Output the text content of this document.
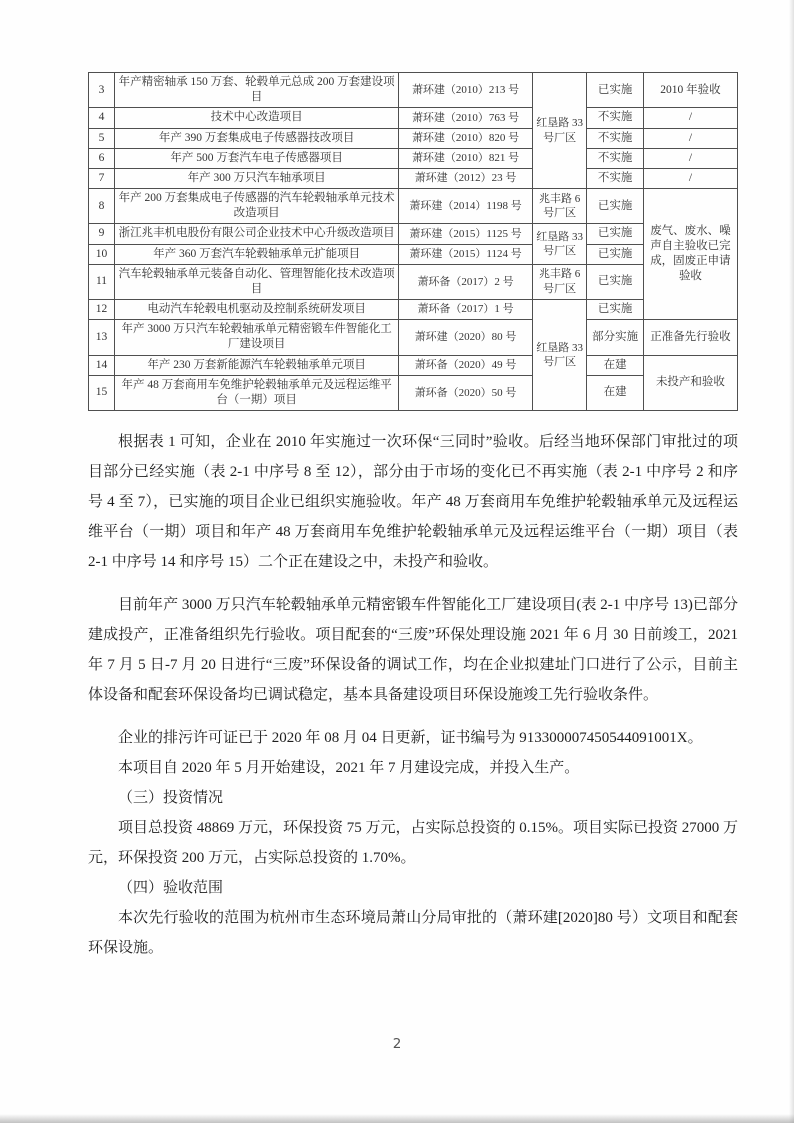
3	年产精密轴承 150 万套、轮毂单元总成 200 万套建设项目	萧环建（2010）213 号	红垦路 33 号厂区	已实施	2010 年验收
4	技术中心改造项目	萧环建（2010）763 号		不实施	/
5	年产 390 万套集成电子传感器技改项目	萧环建（2010）820 号		不实施	/
6	年产 500 万套汽车电子传感器项目	萧环建（2010）821 号		不实施	/
7	年产 300 万只汽车轴承项目	萧环建（2012）23 号		不实施	/
8	年产 200 万套集成电子传感器的汽车轮毂轴承单元技术改造项目	萧环建（2014）1198 号	兆丰路 6 号厂区	已实施	废气、废水、噪声自主验收已完成，固废正申请验收
9	浙江兆丰机电股份有限公司企业技术中心升级改造项目	萧环建（2015）1125 号	红垦路 33 号厂区	已实施	
10	年产 360 万套汽车轮毂轴承单元扩能项目	萧环建（2015）1124 号		已实施	
11	汽车轮毂轴承单元装备自动化、管理智能化技术改造项目	萧环备（2017）2 号	兆丰路 6 号厂区	已实施	
12	电动汽车轮毂电机驱动及控制系统研发项目	萧环备（2017）1 号	红垦路 33 号厂区	已实施	
13	年产 3000 万只汽车轮毂轴承单元精密锻车件智能化工厂建设项目	萧环建（2020）80 号		部分实施	正准备先行验收
14	年产 230 万套新能源汽车轮毂轴承单元项目	萧环备（2020）49 号		在建	未投产和验收
15	年产 48 万套商用车免维护轮毂轴承单元及远程运维平台（一期）项目	萧环备（2020）50 号		在建	

根据表 1 可知，企业在 2010 年实施过一次环保“三同时”验收。后经当地环保部门审批过的项目部分已经实施（表 2-1 中序号 8 至 12），部分由于市场的变化已不再实施（表 2-1 中序号 2 和序号 4 至 7），已实施的项目企业已组织实施验收。年产 48 万套商用车免维护轮毂轴承单元及远程运维平台（一期）项目和年产 48 万套商用车免维护轮毂轴承单元及远程运维平台（一期）项目（表 2-1 中序号 14 和序号 15）二个正在建设之中，未投产和验收。

目前年产 3000 万只汽车轮毂轴承单元精密锻车件智能化工厂建设项目(表 2-1 中序号 13)已部分建成投产，正准备组织先行验收。项目配套的“三废”环保处理设施 2021 年 6 月 30 日前竣工，2021 年 7 月 5 日-7 月 20 日进行“三废”环保设备的调试工作，均在企业拟建址门口进行了公示，目前主体设备和配套环保设备均已调试稳定，基本具备建设项目环保设施竣工先行验收条件。

企业的排污许可证已于 2020 年 08 月 04 日更新，证书编号为 913300007450544091001X。

本项目自 2020 年 5 月开始建设，2021 年 7 月建设完成，并投入生产。

（三）投资情况

项目总投资 48869 万元，环保投资 75 万元，占实际总投资的 0.15%。项目实际已投资 27000 万元，环保投资 200 万元，占实际总投资的 1.70%。

（四）验收范围

本次先行验收的范围为杭州市生态环境局萧山分局审批的（萧环建[2020]80 号）文项目和配套环保设施。

2
